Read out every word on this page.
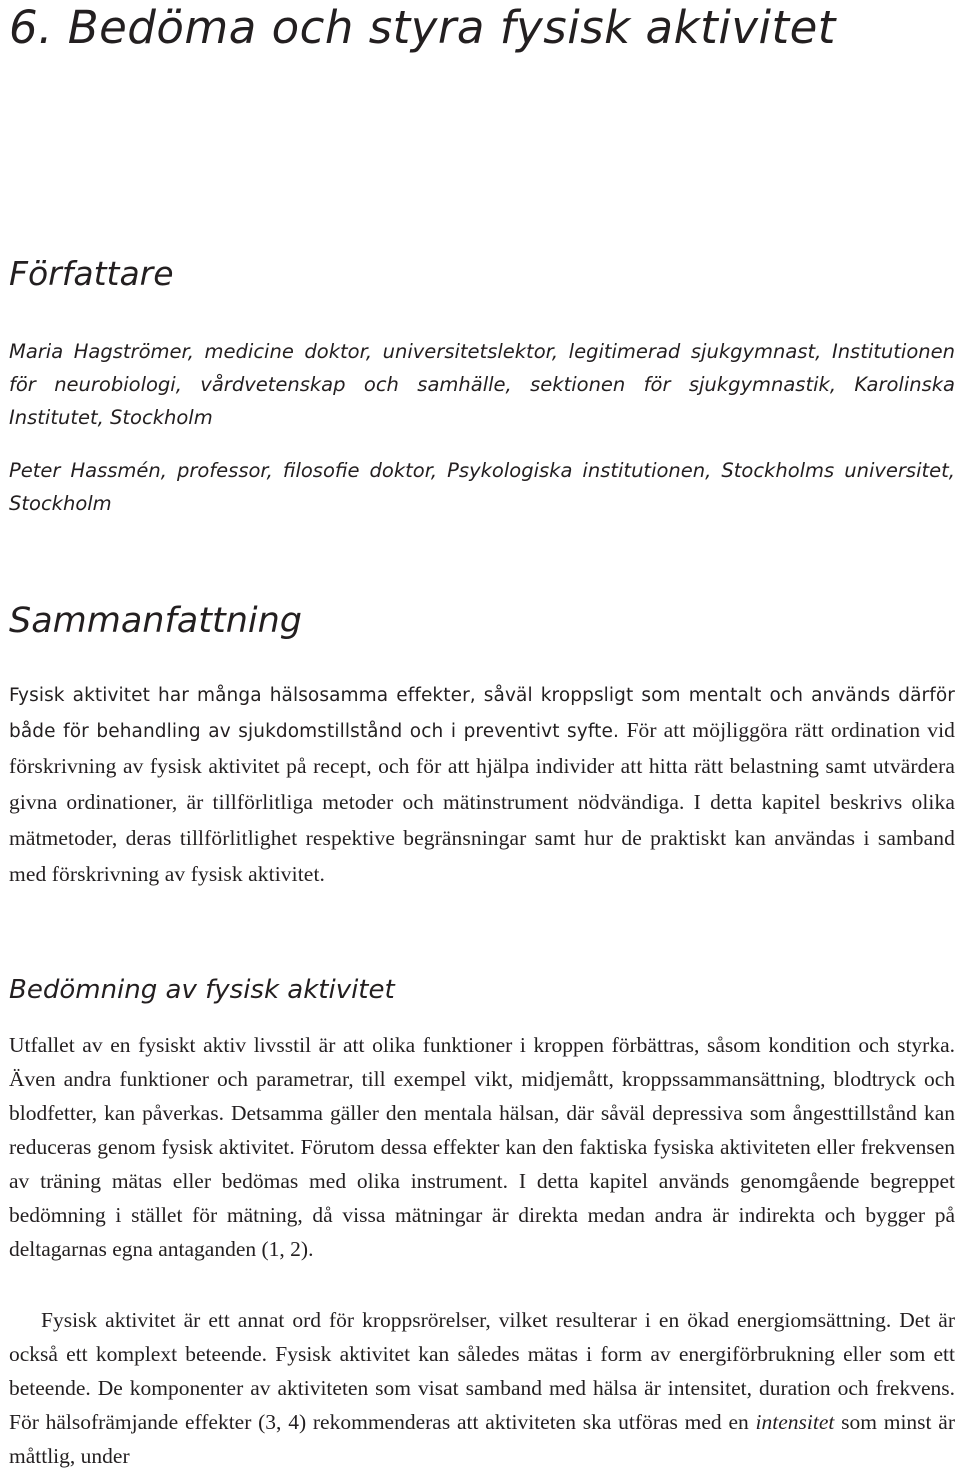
6. Bedöma och styra fysisk aktivitet
Författare

Maria Hagströmer, medicine doktor, universitetslektor, legitimerad sjukgymnast, Institutionen för neurobiologi, vårdvetenskap och samhälle, sektionen för sjukgymnastik, Karolinska Institutet, Stockholm

Peter Hassmén, professor, filosofie doktor, Psykologiska institutionen, Stockholms universitet, Stockholm

Sammanfattning

Fysisk aktivitet har många hälsosamma effekter, såväl kroppsligt som mentalt och används därför både för behandling av sjukdomstillstånd och i preventivt syfte. För att möjliggöra rätt ordination vid förskrivning av fysisk aktivitet på recept, och för att hjälpa individer att hitta rätt belastning samt utvärdera givna ordinationer, är tillförlitliga metoder och mätinstrument nödvändiga. I detta kapitel beskrivs olika mätmetoder, deras tillförlitlighet respektive begränsningar samt hur de praktiskt kan användas i samband med förskrivning av fysisk aktivitet.

Bedömning av fysisk aktivitet

Utfallet av en fysiskt aktiv livsstil är att olika funktioner i kroppen förbättras, såsom kondition och styrka. Även andra funktioner och parametrar, till exempel vikt, midjemått, kroppssammansättning, blodtryck och blodfetter, kan påverkas. Detsamma gäller den mentala hälsan, där såväl depressiva som ångesttillstånd kan reduceras genom fysisk aktivitet. Förutom dessa effekter kan den faktiska fysiska aktiviteten eller frekvensen av träning mätas eller bedömas med olika instrument. I detta kapitel används genomgående begreppet bedömning i stället för mätning, då vissa mätningar är direkta medan andra är indirekta och bygger på deltagarnas egna antaganden (1, 2).

Fysisk aktivitet är ett annat ord för kroppsrörelser, vilket resulterar i en ökad energiomsättning. Det är också ett komplext beteende. Fysisk aktivitet kan således mätas i form av energiförbrukning eller som ett beteende. De komponenter av aktiviteten som visat samband med hälsa är intensitet, duration och frekvens. För hälsofrämjande effekter (3, 4) rekommenderas att aktiviteten ska utföras med en intensitet som minst är måttlig, under
